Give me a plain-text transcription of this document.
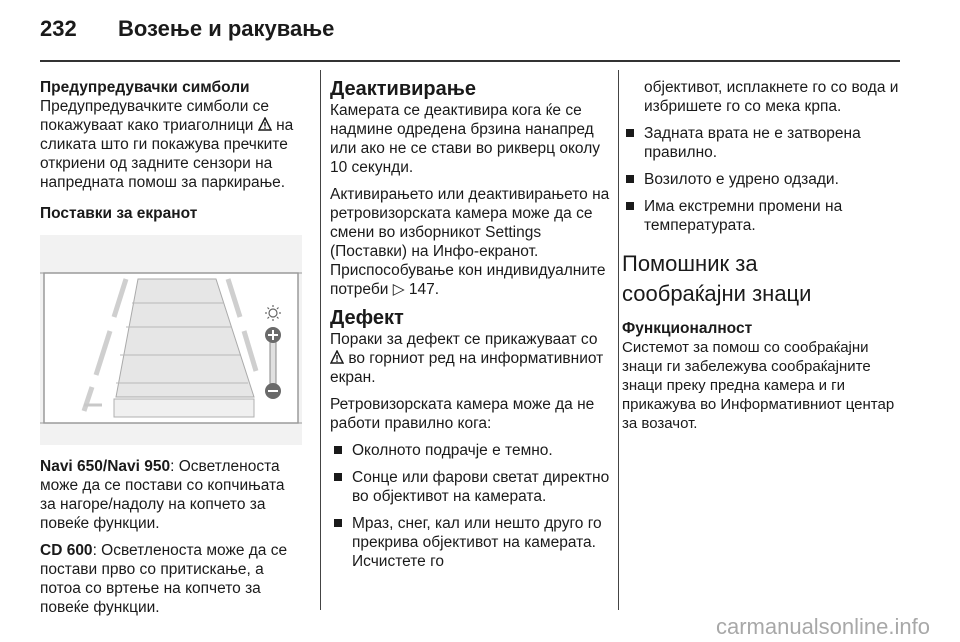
232 Возење и ракување
Предупредувачки симболи

Предупредувачките симболи се покажуваат како триаголници на сликата што ги покажува пречките откриени од задните сензори на напредната помош за паркирање.

Поставки за екранот

Navi 650/Navi 950: Осветленоста може да се постави со копчињата за нагоре/надолу на копчето за повеќе функции.

CD 600: Осветленоста може да се постави прво со притискање, а потоа со вртење на копчето за повеќе функции.

Деактивирање

Камерата се деактивира кога ќе се надмине одредена брзина нанапред или ако не се стави во рикверц околу 10 секунди.

Активирањето или деактивирањето на ретровизорската камера може да се смени во изборникот Settings (Поставки) на Инфо-екранот. Приспособување кон индивидуалните потреби ▷ 147.

Дефект

Пораки за дефект се прикажуваат со  во горниот ред на информативниот екран.

Ретровизорската камера може да не работи правилно кога:

Околното подрачје е темно.
Сонце или фарови светат директно во објективот на камерата.
Мраз, снег, кал или нешто друго го прекрива објективот на камерата. Исчистете го

објективот, исплакнете го со вода и избришете го со мека крпа.

Задната врата не е затворена правилно.
Возилото е удрено одзади.
Има екстремни промени на температурата.
Помошник за
сообраќајни знаци
Функционалност

Системот за помош со сообраќајни знаци ги забележува сообраќајните знаци преку предна камера и ги прикажува во Информативниот центар за возачот.

carmanualsonline.info
